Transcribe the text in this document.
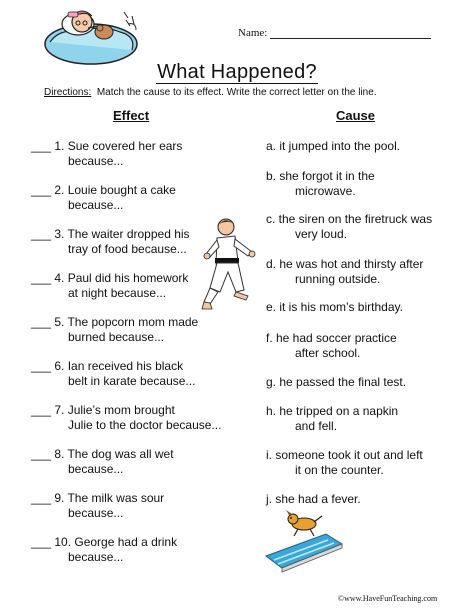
Name:
What Happened?
Directions: Match the cause to its effect. Write the correct letter on the line.
Effect	Cause
___ 1. Sue covered her ears
because...
___ 2. Louie bought a cake
because...
___ 3. The waiter dropped his
tray of food because...
___ 4. Paul did his homework
at night because...
___ 5. The popcorn mom made
burned because...
___ 6. Ian received his black
belt in karate because...
___ 7. Julie’s mom brought
Julie to the doctor because...
___ 8. The dog was all wet
because...
___ 9. The milk was sour
because...
___ 10. George had a drink
because...
a. it jumped into the pool.
b. she forgot it in the
microwave.
c. the siren on the firetruck was
very loud.
d. he was hot and thirsty after
running outside.
e. it is his mom’s birthday.
f. he had soccer practice
after school.
g. he passed the final test.
h. he tripped on a napkin
and fell.
i. someone took it out and left
it on the counter.
j. she had a fever.
©www.HaveFunTeaching.com
